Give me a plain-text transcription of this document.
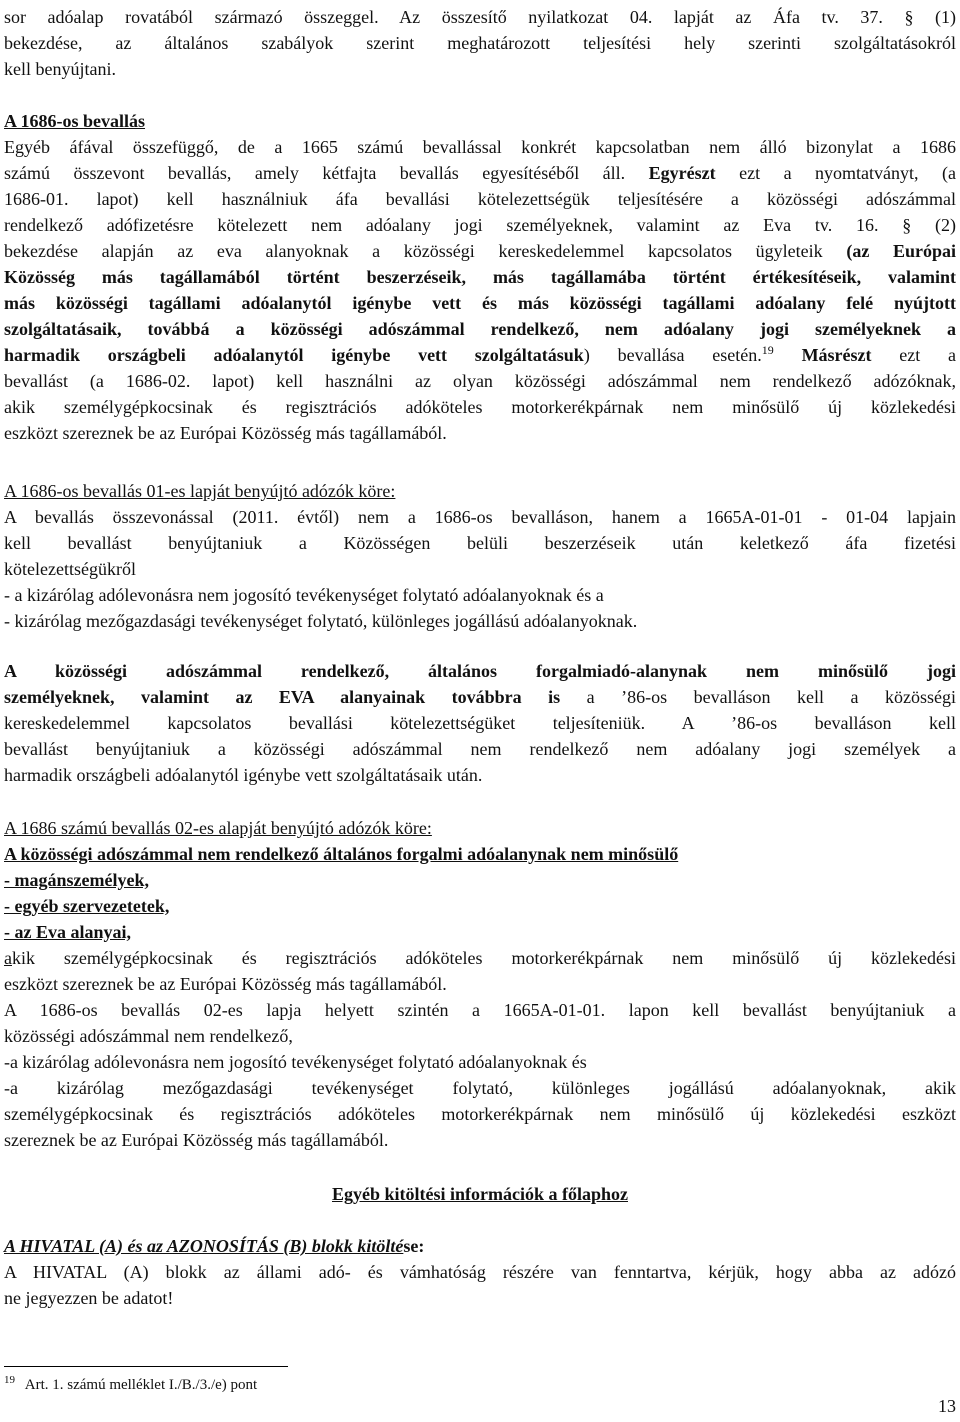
sor adóalap rovatából származó összeggel. Az összesítő nyilatkozat 04. lapját az Áfa tv. 37. § (1)
bekezdése, az általános szabályok szerint meghatározott teljesítési hely szerinti szolgáltatásokról
kell benyújtani.
A 1686-os bevallás
Egyéb áfával összefüggő, de a 1665 számú bevallással konkrét kapcsolatban nem álló bizonylat a 1686
számú összevont bevallás, amely kétfajta bevallás egyesítéséből áll. Egyrészt ezt a nyomtatványt, (a
1686-01. lapot) kell használniuk áfa bevallási kötelezettségük teljesítésére a közösségi adószámmal
rendelkező adófizetésre kötelezett nem adóalany jogi személyeknek, valamint az Eva tv. 16. § (2)
bekezdése alapján az eva alanyoknak a közösségi kereskedelemmel kapcsolatos ügyleteik (az Európai
Közösség más tagállamából történt beszerzéseik, más tagállamába történt értékesítéseik, valamint
más közösségi tagállami adóalanytól igénybe vett és más közösségi tagállami adóalany felé nyújtott
szolgáltatásaik, továbbá a közösségi adószámmal rendelkező, nem adóalany jogi személyeknek a
harmadik országbeli adóalanytól igénybe vett szolgáltatásuk) bevallása esetén.$^{19}$ Másrészt ezt a
bevallást (a 1686-02. lapot) kell használni az olyan közösségi adószámmal nem rendelkező adózóknak,
akik személygépkocsinak és regisztrációs adóköteles motorkerékpárnak nem minősülő új közlekedési
eszközt szereznek be az Európai Közösség más tagállamából.
A 1686-os bevallás 01-es lapját benyújtó adózók köre:
A bevallás összevonással (2011. évtől) nem a 1686-os bevalláson, hanem a 1665A-01-01 - 01-04 lapjain
kell bevallást benyújtaniuk a Közösségen belüli beszerzéseik után keletkező áfa fizetési
kötelezettségükről
- a kizárólag adólevonásra nem jogosító tevékenységet folytató adóalanyoknak és a
- kizárólag mezőgazdasági tevékenységet folytató, különleges jogállású adóalanyoknak.
A közösségi adószámmal rendelkező, általános forgalmiadó-alanynak nem minősülő jogi
személyeknek, valamint az EVA alanyainak továbbra is a ’86-os bevalláson kell a közösségi
kereskedelemmel kapcsolatos bevallási kötelezettségüket teljesíteniük. A ’86-os bevalláson kell
bevallást benyújtaniuk a közösségi adószámmal nem rendelkező nem adóalany jogi személyek a
harmadik országbeli adóalanytól igénybe vett szolgáltatásaik után.
A 1686 számú bevallás 02-es alapját benyújtó adózók köre:
A közösségi adószámmal nem rendelkező általános forgalmi adóalanynak nem minősülő
- magánszemélyek,
- egyéb szervezetetek,
- az Eva alanyai,
akik személygépkocsinak és regisztrációs adóköteles motorkerékpárnak nem minősülő új közlekedési
eszközt szereznek be az Európai Közösség más tagállamából.
A 1686-os bevallás 02-es lapja helyett szintén a 1665A-01-01. lapon kell bevallást benyújtaniuk a
közösségi adószámmal nem rendelkező,
-a kizárólag adólevonásra nem jogosító tevékenységet folytató adóalanyoknak és
-a kizárólag mezőgazdasági tevékenységet folytató, különleges jogállású adóalanyoknak, akik
személygépkocsinak és regisztrációs adóköteles motorkerékpárnak nem minősülő új közlekedési eszközt
szereznek be az Európai Közösség más tagállamából.
Egyéb kitöltési információk a főlaphoz
A HIVATAL (A) és az AZONOSÍTÁS (B) blokk kitöltése:
A HIVATAL (A) blokk az állami adó- és vámhatóság részére van fenntartva, kérjük, hogy abba az adózó
ne jegyezzen be adatot!
$^{19}$ Art. 1. számú melléklet I./B./3./e) pont
13
